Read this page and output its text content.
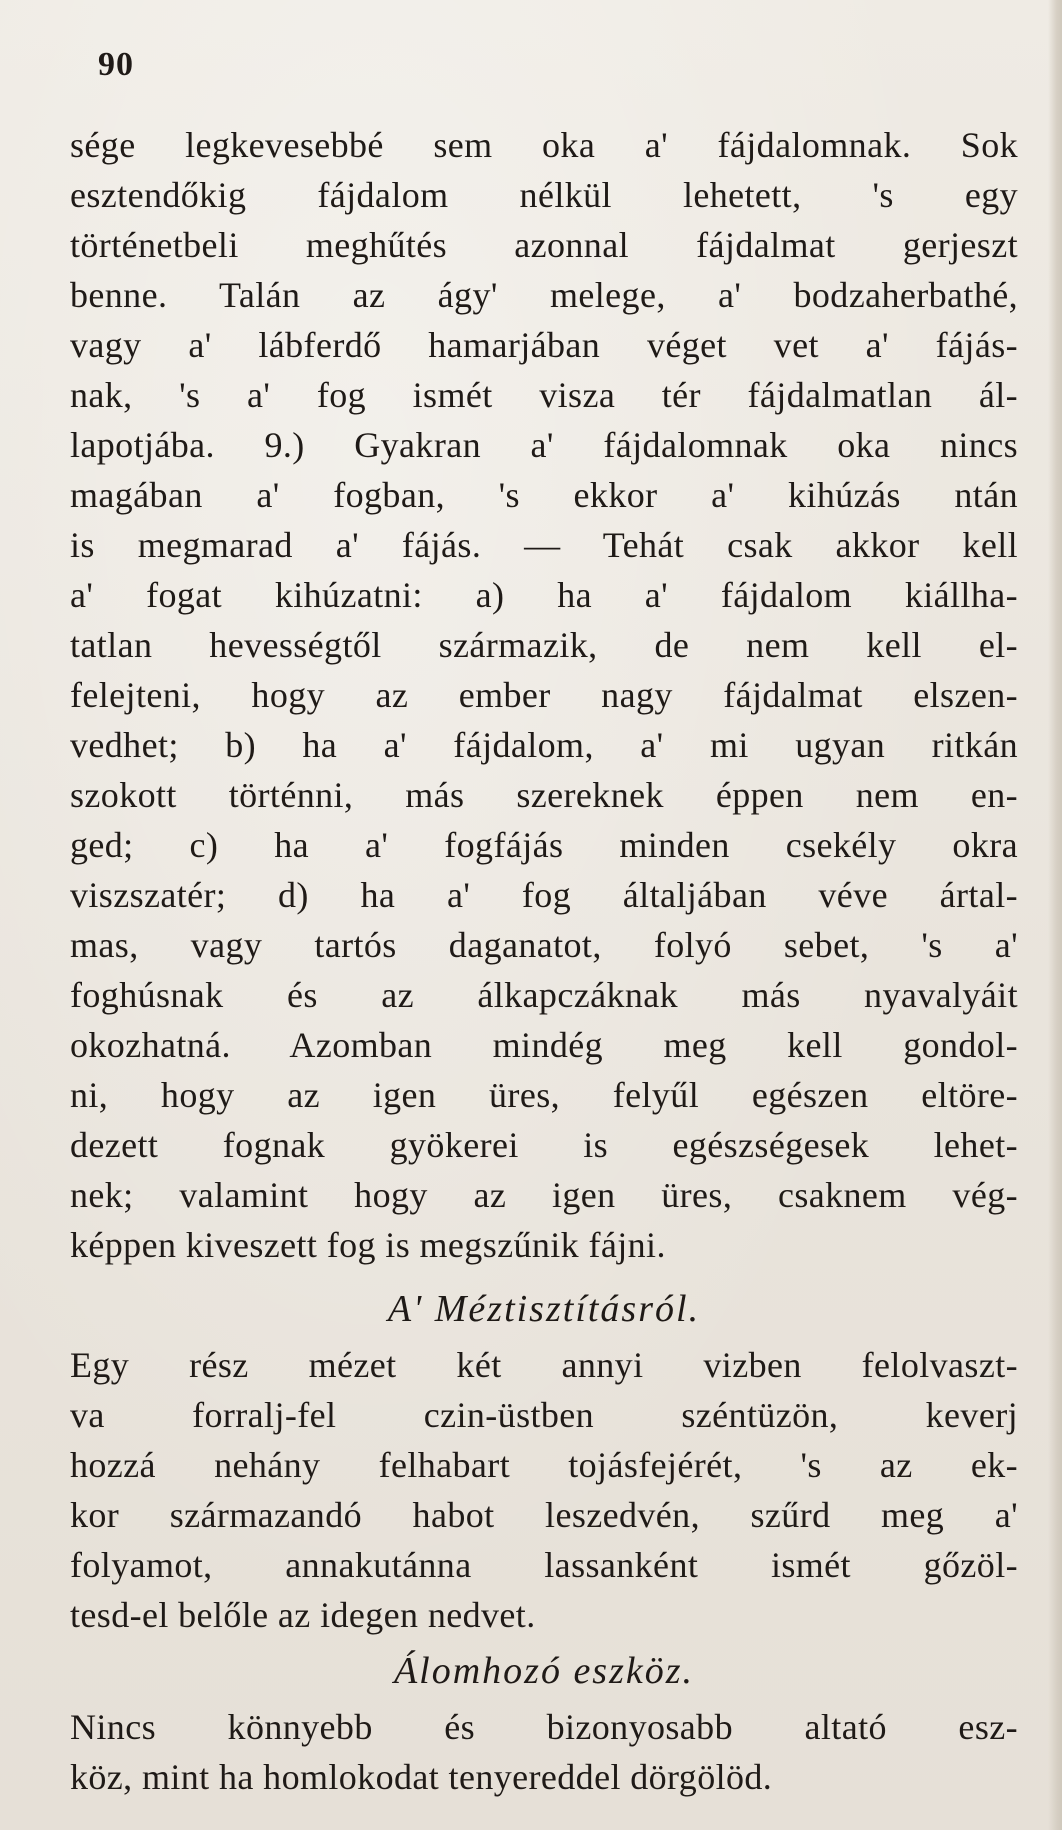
90
sége legkevesebbé sem oka a' fájdalomnak. Sok
esztendőkig fájdalom nélkül lehetett, 's egy
történetbeli meghűtés azonnal fájdalmat gerjeszt
benne. Talán az ágy' melege, a' bodzaherbathé,
vagy a' lábferdő hamarjában véget vet a' fájás-
nak, 's a' fog ismét visza tér fájdalmatlan ál-
lapotjába. 9.) Gyakran a' fájdalomnak oka nincs
magában a' fogban, 's ekkor a' kihúzás ntán
is megmarad a' fájás. — Tehát csak akkor kell
a' fogat kihúzatni: a) ha a' fájdalom kiállha-
tatlan hevességtől származik, de nem kell el-
felejteni, hogy az ember nagy fájdalmat elszen-
vedhet; b) ha a' fájdalom, a' mi ugyan ritkán
szokott történni, más szereknek éppen nem en-
ged; c) ha a' fogfájás minden csekély okra
viszszatér; d) ha a' fog általjában véve ártal-
mas, vagy tartós daganatot, folyó sebet, 's a'
foghúsnak és az álkapczáknak más nyavalyáit
okozhatná. Azomban mindég meg kell gondol-
ni, hogy az igen üres, felyűl egészen eltöre-
dezett fognak gyökerei is egészségesek lehet-
nek; valamint hogy az igen üres, csaknem vég-
képpen kiveszett fog is megszűnik fájni.
A' Méztisztításról.
Egy rész mézet két annyi vizben felolvaszt-
va forralj-fel czin-üstben széntüzön, keverj
hozzá nehány felhabart tojásfejérét, 's az ek-
kor származandó habot leszedvén, szűrd meg a'
folyamot, annakutánna lassanként ismét gőzöl-
tesd-el belőle az idegen nedvet.
Álomhozó eszköz.
Nincs könnyebb és bizonyosabb altató esz-
köz, mint ha homlokodat tenyereddel dörgölöd.
